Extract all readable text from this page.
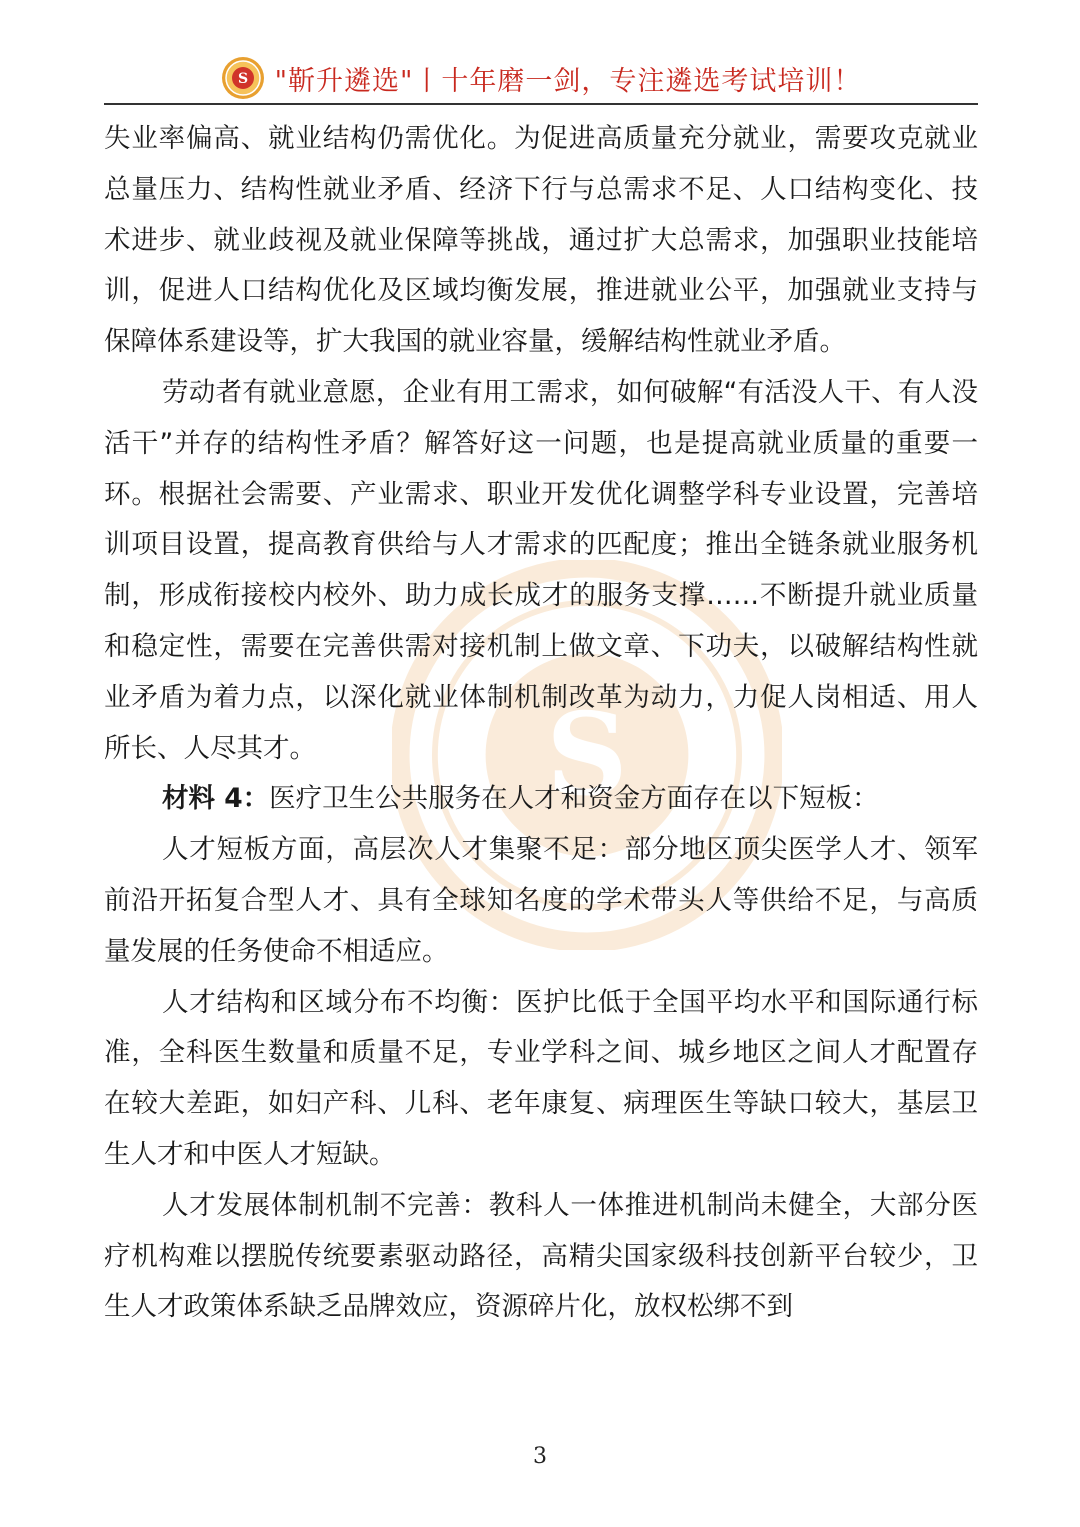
S "靳升遴选"丨十年磨一剑，专注遴选考试培训！
S

失业率偏高、就业结构仍需优化。为促进高质量充分就业，需要攻克就业总量压力、结构性就业矛盾、经济下行与总需求不足、人口结构变化、技术进步、就业歧视及就业保障等挑战，通过扩大总需求，加强职业技能培训，促进人口结构优化及区域均衡发展，推进就业公平，加强就业支持与保障体系建设等，扩大我国的就业容量，缓解结构性就业矛盾。

劳动者有就业意愿，企业有用工需求，如何破解“有活没人干、有人没活干”并存的结构性矛盾？解答好这一问题，也是提高就业质量的重要一环。根据社会需要、产业需求、职业开发优化调整学科专业设置，完善培训项目设置，提高教育供给与人才需求的匹配度；推出全链条就业服务机制，形成衔接校内校外、助力成长成才的服务支撑……不断提升就业质量和稳定性，需要在完善供需对接机制上做文章、下功夫，以破解结构性就业矛盾为着力点，以深化就业体制机制改革为动力，力促人岗相适、用人所长、人尽其才。

材料 4：医疗卫生公共服务在人才和资金方面存在以下短板：

人才短板方面，高层次人才集聚不足：部分地区顶尖医学人才、领军前沿开拓复合型人才、具有全球知名度的学术带头人等供给不足，与高质量发展的任务使命不相适应。

人才结构和区域分布不均衡：医护比低于全国平均水平和国际通行标准，全科医生数量和质量不足，专业学科之间、城乡地区之间人才配置存在较大差距，如妇产科、儿科、老年康复、病理医生等缺口较大，基层卫生人才和中医人才短缺。

人才发展体制机制不完善：教科人一体推进机制尚未健全，大部分医疗机构难以摆脱传统要素驱动路径，高精尖国家级科技创新平台较少，卫生人才政策体系缺乏品牌效应，资源碎片化，放权松绑不到

3
